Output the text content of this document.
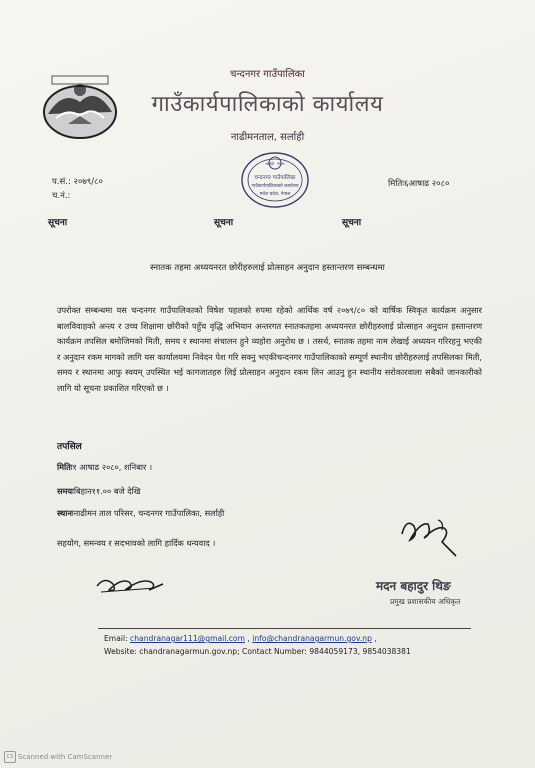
चन्दनगर गाउँपालिका
गाउँकार्यपालिकाको कार्यालय
नाढीमनताल, सर्लाही
सर्लाही · नेपाल
चन्दनगर गाउँपालिका
गाउँकार्यपालिकाको कार्यालय
मधेश प्रदेश, नेपाल
प.सं.: २०७९/८०
च.नं.:
मितिः६आषाढ २०८०
सूचना	सूचना	सूचना
स्नातक तहमा अध्ययनरत छोरीहरुलाई प्रोत्साहन अनुदान हस्तान्तरण सम्बन्धमा
उपरोक्त सम्बन्धमा यस चन्दनगर गाउँपालिकाको विषेश पहलको रुपमा रहेको आर्थिक वर्ष २०७९/८० को वार्षिक स्विकृत कार्यक्रम अनुसार बालविवाहको अन्त्य र उच्च शिक्षामा छोरीको पहुँच वृद्धि अभियान अन्तरगत स्नातकतहमा अध्ययनरत छोरीहरुलाई प्रोत्साहन अनुदान हस्तान्तरण कार्यक्रम तपसिल बमोजिमको मिती, समय र स्थानमा संचालन हुने व्यहोरा अनुरोध छ । तसर्थ, स्नातक तहमा नाम लेखाई अध्ययन गरिरहनु भएकी र अनुदान रकम मागको लागि यस कार्यालयमा निवेदन पेश गरि सक्नु भएकीचन्दनगर गाउँपालिकाको सम्पूर्ण स्थानीय छोरीहरुलाई तपसिलका मिती, समय र स्थानमा आफु स्वयम् उपस्थित भई कागजातहरु लिई प्रोत्साहन अनुदान रकम लिन आउनु हुन स्थानीय सरोकारवाला सबैको जानकारीको लागि यो सूचना प्रकाशित गरिएको छ ।
तपसिल
मितिः१ आषाढ २०८०, शनिबार ।
समयःबिहान११.०० बजे देखि
स्थानःनाढीमन ताल परिसर, चन्दनगर गाउँपालिका, सर्लाही
सहयोग, समन्वय र सदभावको लागि हार्दिक धन्यवाद ।
मदन बहादुर थिङ
प्रमुख प्रशासकीय अधिकृत
Email: chandranagar111@gmail.com , info@chandranagarmun.gov.np ,
Website: chandranagarmun.gov.np; Contact Number: 9844059173, 9854038381
CS Scanned with CamScanner
